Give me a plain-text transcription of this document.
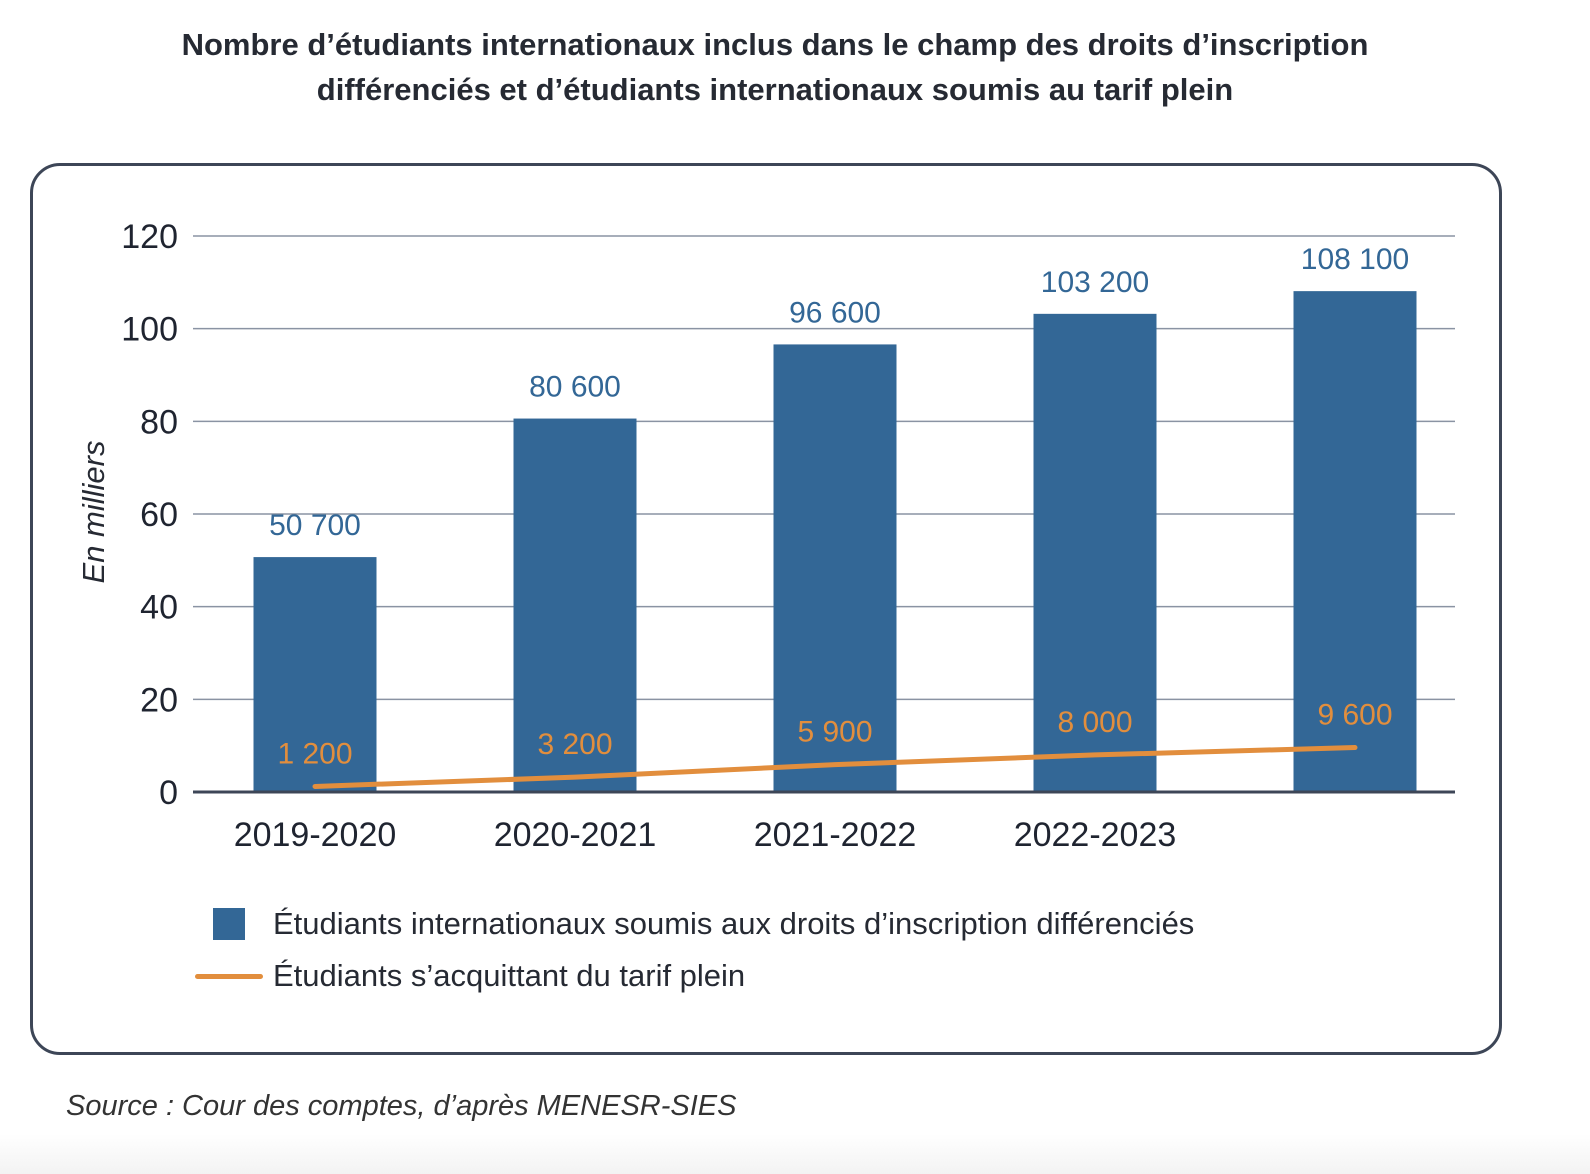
Nombre d’étudiants internationaux inclus dans le champ des droits d’inscription
différenciés et d’étudiants internationaux soumis au tarif plein
0
20
40
60
80
100
120
En milliers	50 700
80 600
96 600
103 200
108 100
2019-2020	2020-2021	2021-2022	2022-2023
1 200	3 200	5 900	8 000	9 600
Étudiants internationaux soumis aux droits d’inscription différenciés
Étudiants s’acquittant du tarif plein
Source : Cour des comptes, d’après MENESR-SIES
